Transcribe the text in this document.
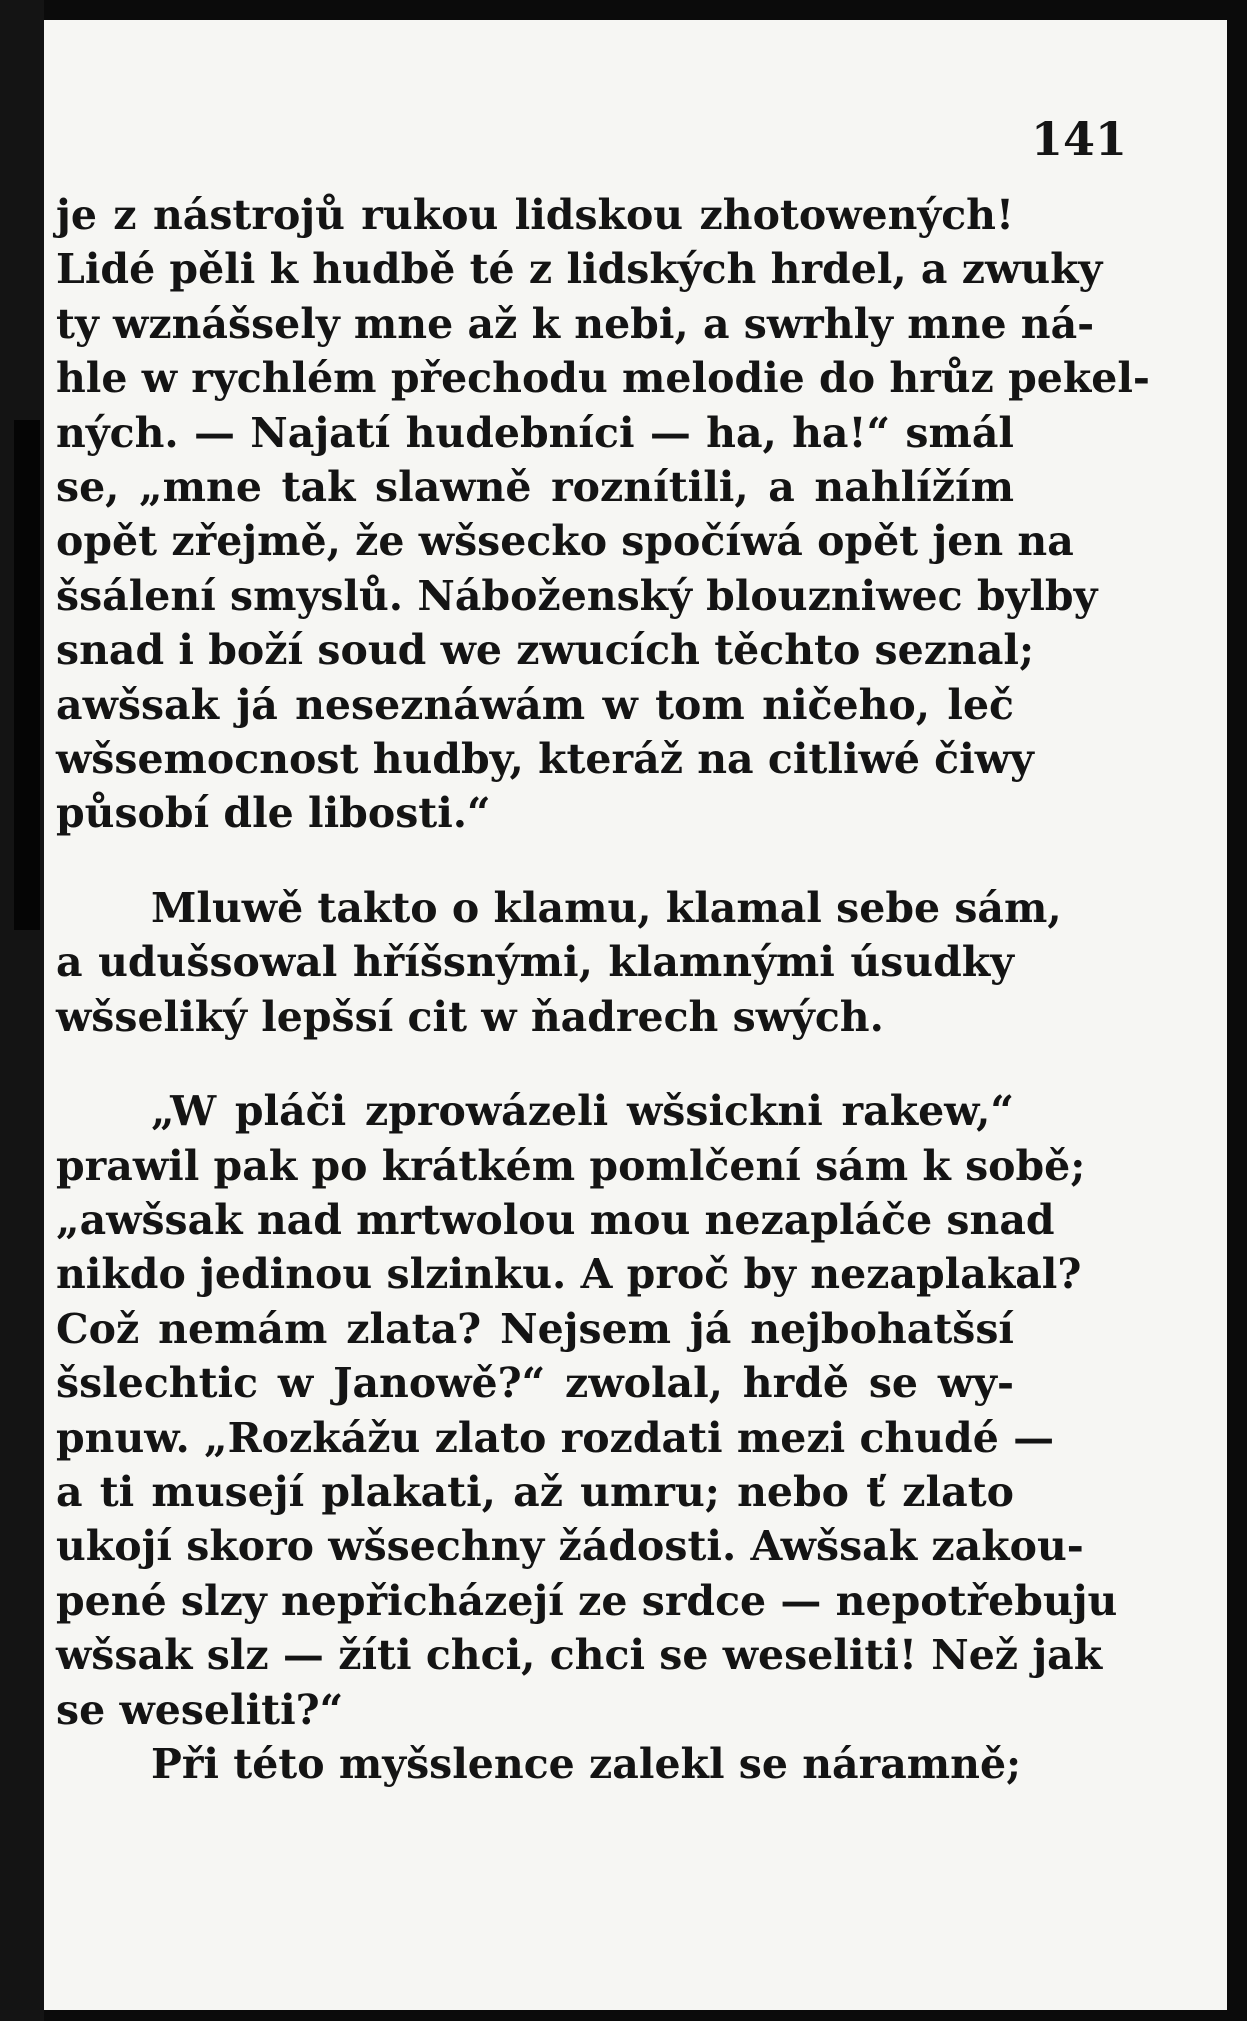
141
je z nástrojů rukou lidskou zhotowených!
Lidé pěli k hudbě té z lidských hrdel, a zwuky
ty wznášsely mne až k nebi, a swrhly mne ná-
hle w rychlém přechodu melodie do hrůz pekel-
ných. — Najatí hudebníci — ha, ha!“ smál
se, „mne tak slawně roznítili, a nahlížím
opět zřejmě, že wšsecko spočíwá opět jen na
šsálení smyslů. Náboženský blouzniwec bylby
snad i boží soud we zwucích těchto seznal;
awšsak já neseznáwám w tom ničeho, leč
wšsemocnost hudby, kteráž na citliwé čiwy
působí dle libosti.“
Mluwě takto o klamu, klamal sebe sám,
a udušsowal hříšsnými, klamnými úsudky
wšseliký lepšsí cit w ňadrech swých.
„W pláči zprowázeli wšsickni rakew,“
prawil pak po krátkém pomlčení sám k sobě;
„awšsak nad mrtwolou mou nezapláče snad
nikdo jedinou slzinku. A proč by nezaplakal?
Což nemám zlata? Nejsem já nejbohatšsí
šslechtic w Janowě?“ zwolal, hrdě se wy-
pnuw. „Rozkážu zlato rozdati mezi chudé —
a ti musejí plakati, až umru; nebo ť zlato
ukojí skoro wšsechny žádosti. Awšsak zakou-
pené slzy nepřicházejí ze srdce — nepotřebuju
wšsak slz — žíti chci, chci se weseliti! Než jak
se weseliti?“
Při této myšslence zalekl se náramně;
